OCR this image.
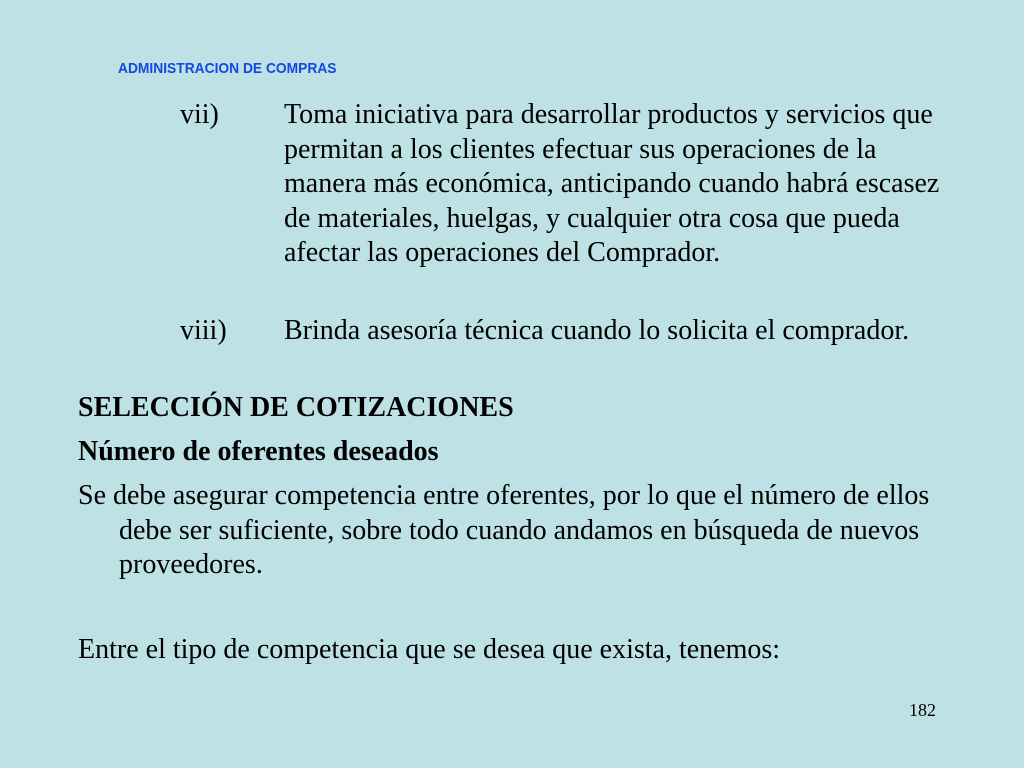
ADMINISTRACION DE COMPRAS
vii) Toma iniciativa para desarrollar productos y servicios que permitan a los clientes efectuar sus operaciones de la manera más económica, anticipando cuando habrá escasez de materiales, huelgas, y cualquier otra cosa que pueda afectar las operaciones del Comprador.
viii) Brinda asesoría técnica cuando lo solicita el comprador.
SELECCIÓN DE COTIZACIONES
Número de oferentes deseados
Se debe asegurar competencia entre oferentes, por lo que el número de ellos debe ser suficiente, sobre todo cuando andamos en búsqueda de nuevos proveedores.
Entre el tipo de competencia que se desea que exista, tenemos:
182
